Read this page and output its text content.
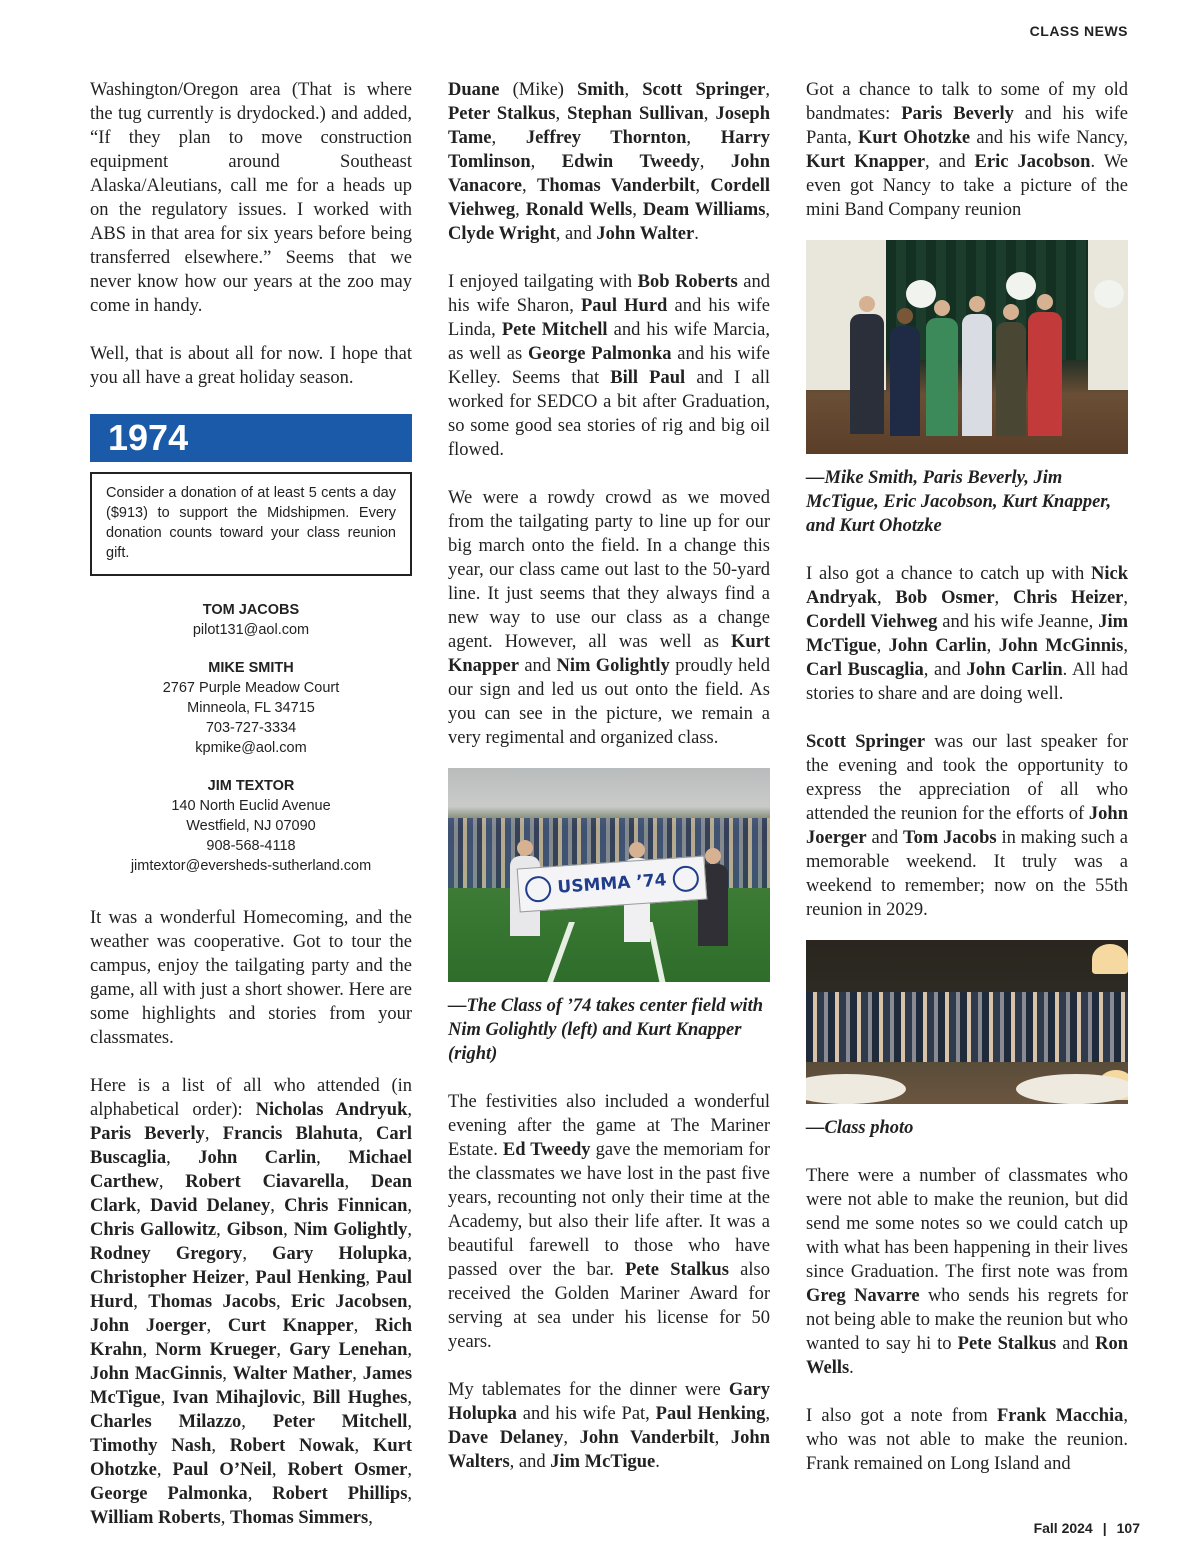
CLASS NEWS

Washington/Oregon area (That is where the tug currently is drydocked.) and added, “If they plan to move construction equipment around Southeast Alaska/Aleutians, call me for a heads up on the regulatory issues. I worked with ABS in that area for six years before being transferred elsewhere.” Seems that we never know how our years at the zoo may come in handy.

Well, that is about all for now. I hope that you all have a great holiday season.

1974
Consider a donation of at least 5 cents a day ($913) to support the Midshipmen. Every donation counts toward your class reunion gift.
TOM JACOBS
pilot131@aol.com
MIKE SMITH
2767 Purple Meadow Court
Minneola, FL 34715
703-727-3334
kpmike@aol.com
JIM TEXTOR
140 North Euclid Avenue
Westfield, NJ 07090
908-568-4118
jimtextor@eversheds-sutherland.com

It was a wonderful Homecoming, and the weather was cooperative. Got to tour the campus, enjoy the tailgating party and the game, all with just a short shower. Here are some highlights and stories from your classmates.

Here is a list of all who attended (in alphabetical order): Nicholas Andryuk, Paris Beverly, Francis Blahuta, Carl Buscaglia, John Carlin, Michael Carthew, Robert Ciavarella, Dean Clark, David Delaney, Chris Finnican, Chris Gallowitz, Gibson, Nim Golightly, Rodney Gregory, Gary Holupka, Christopher Heizer, Paul Henking, Paul Hurd, Thomas Jacobs, Eric Jacobsen, John Joerger, Curt Knapper, Rich Krahn, Norm Krueger, Gary Lenehan, John MacGinnis, Walter Mather, James McTigue, Ivan Mihajlovic, Bill Hughes, Charles Milazzo, Peter Mitchell, Timothy Nash, Robert Nowak, Kurt Ohotzke, Paul O’Neil, Robert Osmer, George Palmonka, Robert Phillips, William Roberts, Thomas Simmers,

Duane (Mike) Smith, Scott Springer, Peter Stalkus, Stephan Sullivan, Joseph Tame, Jeffrey Thornton, Harry Tomlinson, Edwin Tweedy, John Vanacore, Thomas Vanderbilt, Cordell Viehweg, Ronald Wells, Deam Williams, Clyde Wright, and John Walter.

I enjoyed tailgating with Bob Roberts and his wife Sharon, Paul Hurd and his wife Linda, Pete Mitchell and his wife Marcia, as well as George Palmonka and his wife Kelley. Seems that Bill Paul and I all worked for SEDCO a bit after Graduation, so some good sea stories of rig and big oil flowed.

We were a rowdy crowd as we moved from the tailgating party to line up for our big march onto the field. In a change this year, our class came out last to the 50-yard line. It just seems that they always find a new way to use our class as a change agent. However, all was well as Kurt Knapper and Nim Golightly proudly held our sign and led us out onto the field. As you can see in the picture, we remain a very regimental and organized class.

USMMA ’74
—The Class of ’74 takes center field with Nim Golightly (left) and Kurt Knapper (right)

The festivities also included a wonderful evening after the game at The Mariner Estate. Ed Tweedy gave the memoriam for the classmates we have lost in the past five years, recounting not only their time at the Academy, but also their life after. It was a beautiful farewell to those who have passed over the bar. Pete Stalkus also received the Golden Mariner Award for serving at sea under his license for 50 years.

My tablemates for the dinner were Gary Holupka and his wife Pat, Paul Henking, Dave Delaney, John Vanderbilt, John Walters, and Jim McTigue.

Got a chance to talk to some of my old bandmates: Paris Beverly and his wife Panta, Kurt Ohotzke and his wife Nancy, Kurt Knapper, and Eric Jacobson. We even got Nancy to take a picture of the mini Band Company reunion

—Mike Smith, Paris Beverly, Jim McTigue, Eric Jacobson, Kurt Knapper, and Kurt Ohotzke

I also got a chance to catch up with Nick Andryak, Bob Osmer, Chris Heizer, Cordell Viehweg and his wife Jeanne, Jim McTigue, John Carlin, John McGinnis, Carl Buscaglia, and John Carlin. All had stories to share and are doing well.

Scott Springer was our last speaker for the evening and took the opportunity to express the appreciation of all who attended the reunion for the efforts of John Joerger and Tom Jacobs in making such a memorable weekend. It truly was a weekend to remember; now on the 55th reunion in 2029.

—Class photo

There were a number of classmates who were not able to make the reunion, but did send me some notes so we could catch up with what has been happening in their lives since Graduation. The first note was from Greg Navarre who sends his regrets for not being able to make the reunion but who wanted to say hi to Pete Stalkus and Ron Wells.

I also got a note from Frank Macchia, who was not able to make the reunion. Frank remained on Long Island and

Fall 2024 | 107
